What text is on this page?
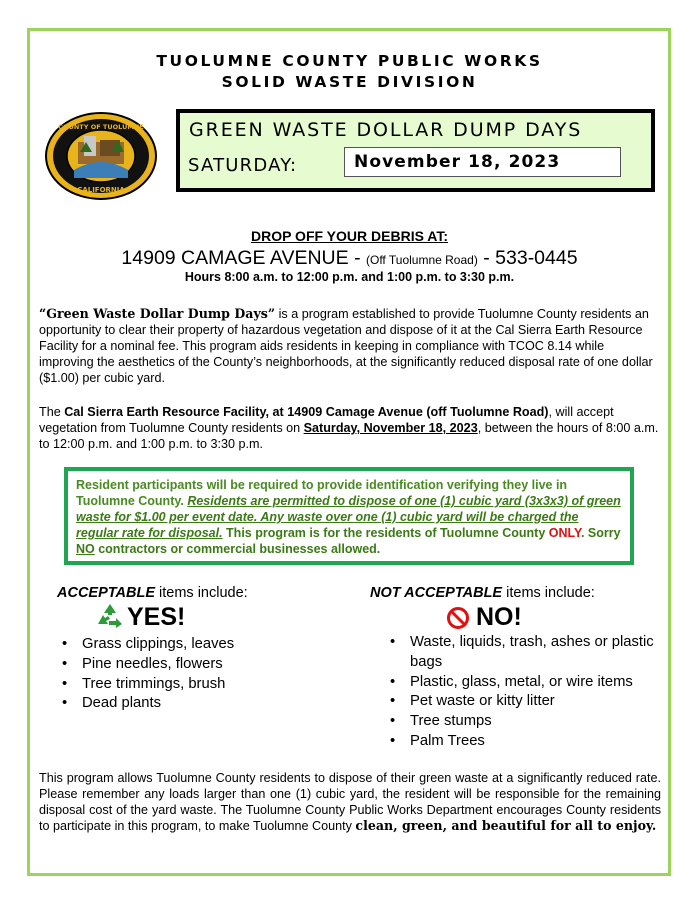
TUOLUMNE COUNTY PUBLIC WORKS
SOLID WASTE DIVISION
COUNTY OF TUOLUMNE
CALIFORNIA
GREEN WASTE DOLLAR DUMP DAYS
SATURDAY:	November 18, 2023
DROP OFF YOUR DEBRIS AT:
14909 CAMAGE AVENUE - (Off Tuolumne Road) - 533-0445
Hours 8:00 a.m. to 12:00 p.m. and 1:00 p.m. to 3:30 p.m.
“Green Waste Dollar Dump Days” is a program established to provide Tuolumne County residents an opportunity to clear their property of hazardous vegetation and dispose of it at the Cal Sierra Earth Resource Facility for a nominal fee. This program aids residents in keeping in compliance with TCOC 8.14 while improving the aesthetics of the County’s neighborhoods, at the significantly reduced disposal rate of one dollar ($1.00) per cubic yard.
The Cal Sierra Earth Resource Facility, at 14909 Camage Avenue (off Tuolumne Road), will accept vegetation from Tuolumne County residents on Saturday, November 18, 2023, between the hours of 8:00 a.m. to 12:00 p.m. and 1:00 p.m. to 3:30 p.m.
Resident participants will be required to provide identification verifying they live in Tuolumne County. Residents are permitted to dispose of one (1) cubic yard (3x3x3) of green waste for $1.00 per event date. Any waste over one (1) cubic yard will be charged the regular rate for disposal. This program is for the residents of Tuolumne County ONLY. Sorry NO contractors or commercial businesses allowed.
ACCEPTABLE items include:
YES!
• Grass clippings, leaves
• Pine needles, flowers
• Tree trimmings, brush
• Dead plants
NOT ACCEPTABLE items include:
NO!
• Waste, liquids, trash, ashes or plastic bags
• Plastic, glass, metal, or wire items
• Pet waste or kitty litter
• Tree stumps
• Palm Trees
This program allows Tuolumne County residents to dispose of their green waste at a significantly reduced rate. Please remember any loads larger than one (1) cubic yard, the resident will be responsible for the remaining disposal cost of the yard waste. The Tuolumne County Public Works Department encourages County residents to participate in this program, to make Tuolumne County clean, green, and beautiful for all to enjoy.
